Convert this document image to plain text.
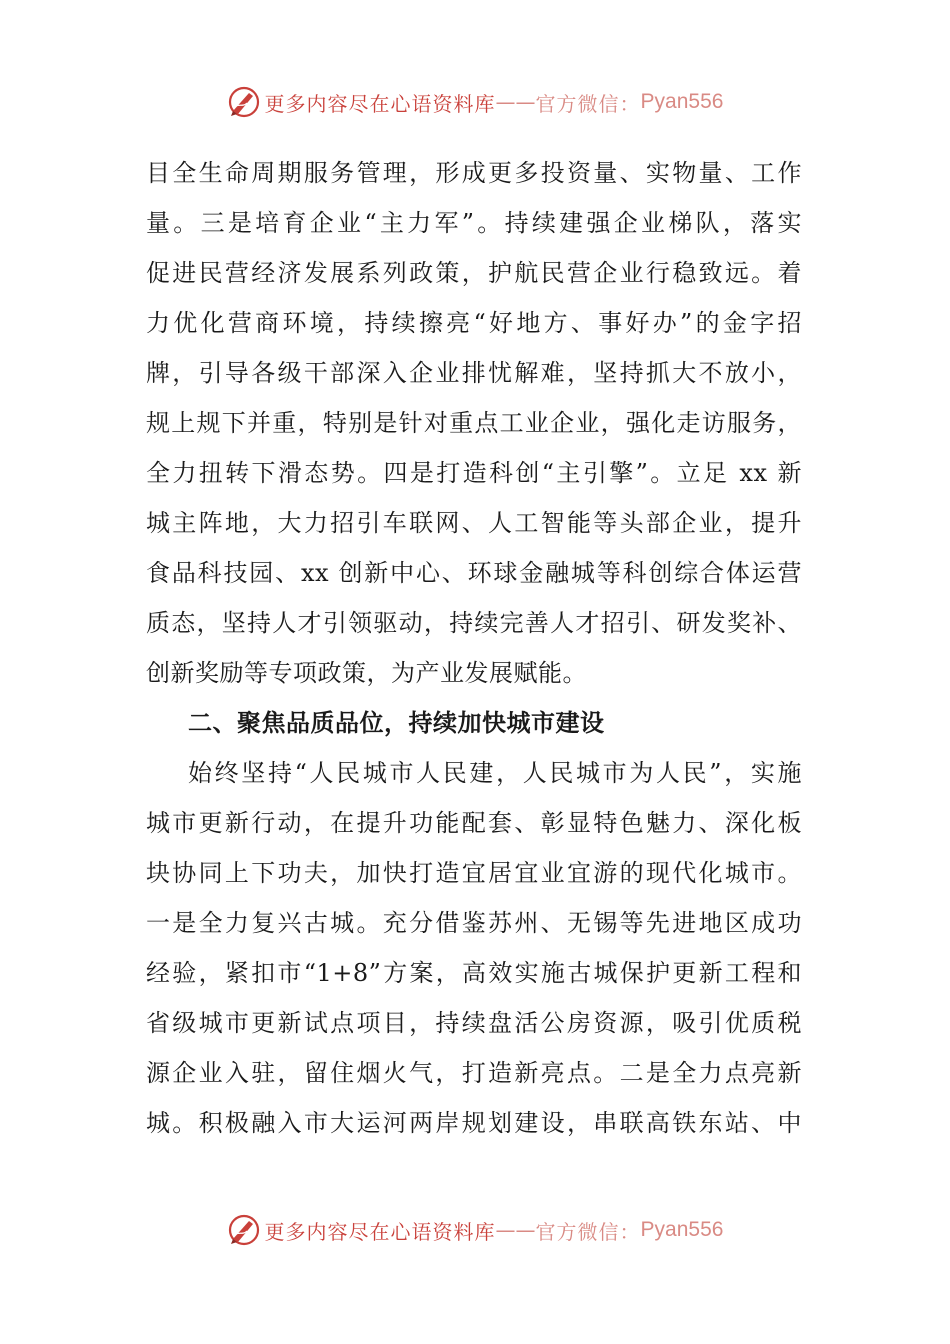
更多内容尽在心语资料库 —— 官方微信： Pyan556
目全生命周期服务管理，形成更多投资量、实物量、工作
量。三是培育企业“主力军”。持续建强企业梯队，落实
促进民营经济发展系列政策，护航民营企业行稳致远。着
力优化营商环境，持续擦亮“好地方、事好办”的金字招
牌，引导各级干部深入企业排忧解难，坚持抓大不放小，
规上规下并重，特别是针对重点工业企业，强化走访服务，
全力扭转下滑态势。四是打造科创“主引擎”。立足 xx 新
城主阵地，大力招引车联网、人工智能等头部企业，提升
食品科技园、xx 创新中心、环球金融城等科创综合体运营
质态，坚持人才引领驱动，持续完善人才招引、研发奖补、
创新奖励等专项政策，为产业发展赋能。
二、聚焦品质品位，持续加快城市建设
始终坚持“人民城市人民建，人民城市为人民”，实施
城市更新行动，在提升功能配套、彰显特色魅力、深化板
块协同上下功夫，加快打造宜居宜业宜游的现代化城市。
一是全力复兴古城。充分借鉴苏州、无锡等先进地区成功
经验，紧扣市“1+8”方案，高效实施古城保护更新工程和
省级城市更新试点项目，持续盘活公房资源，吸引优质税
源企业入驻，留住烟火气，打造新亮点。二是全力点亮新
城。积极融入市大运河两岸规划建设，串联高铁东站、中
更多内容尽在心语资料库 —— 官方微信： Pyan556
